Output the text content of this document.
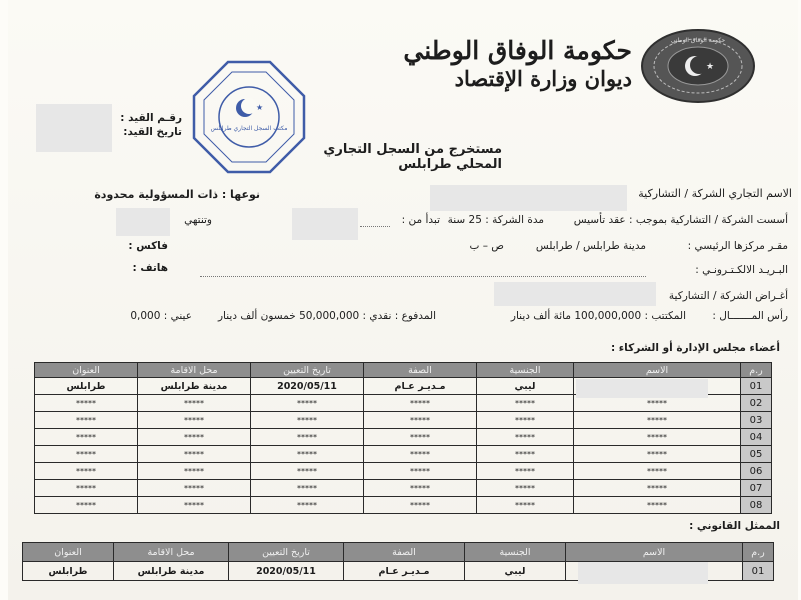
★
حكومة الوفاق الوطني
حكومة الوفاق الوطني
ديوان وزارة الإقتصاد
★
مكتب السجل التجاري طرابلس
رقـم القيد :
تاريخ القيد:
مستخرج من السجل التجاري المحلي طرابلس
الاسم التجاري الشركة / التشاركية
نوعها : ذات المسؤولية محدودة
أسست الشركة / التشاركية بموجب : عقد تأسيس
مدة الشركة : 25 سنة
تبدأ من :
وتنتهي
مقـر مركزها الرئيسي :
مدينة طرابلس / طرابلس
ص – ب
فاكس :
البـريـد الالكـتـرونـي :
هاتف :
أغـراض الشركة / التشاركية
رأس المـــــــال :
المكتتب : 100,000,000 مائة ألف دينار
المدفوع : نقدي : 50,000,000 خمسون ألف دينار
عيني : 0,000
أعضاء مجلس الإدارة أو الشركاء :
ر.م	الاسم	الجنسية	الصفة	تاريخ التعيين	محل الاقامة	العنوان
01		ليبي	مـديـر عـام	2020/05/11	مدينة طرابلس	طرابلس
02	*****	*****	*****	*****	*****	*****
03	*****	*****	*****	*****	*****	*****
04	*****	*****	*****	*****	*****	*****
05	*****	*****	*****	*****	*****	*****
06	*****	*****	*****	*****	*****	*****
07	*****	*****	*****	*****	*****	*****
08	*****	*****	*****	*****	*****	*****
الممثل القانوني :
ر.م	الاسم	الجنسية	الصفة	تاريخ التعيين	محل الاقامة	العنوان
01		ليبي	مـديـر عـام	2020/05/11	مدينة طرابلس	طرابلس
